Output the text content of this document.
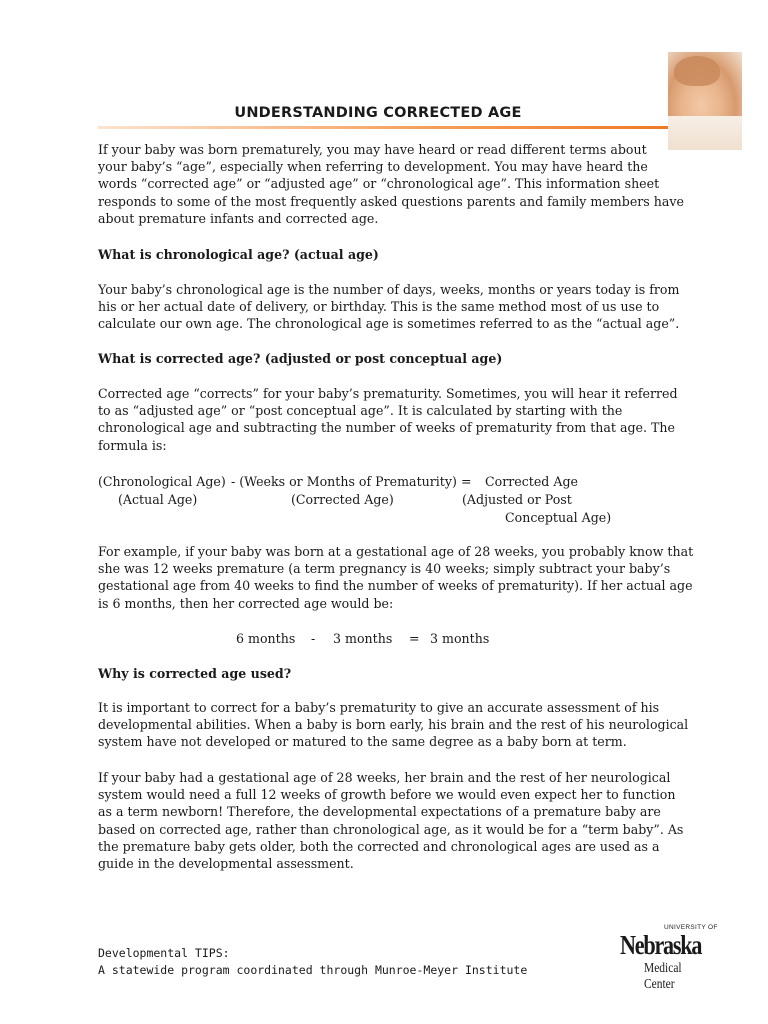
UNDERSTANDING CORRECTED AGE
If your baby was born prematurely, you may have heard or read different terms about
your baby’s “age”, especially when referring to development. You may have heard the
words “corrected age” or “adjusted age” or “chronological age”. This information sheet
responds to some of the most frequently asked questions parents and family members have
about premature infants and corrected age.
What is chronological age? (actual age)
Your baby’s chronological age is the number of days, weeks, months or years today is from
his or her actual date of delivery, or birthday. This is the same method most of us use to
calculate our own age. The chronological age is sometimes referred to as the “actual age”.
What is corrected age? (adjusted or post conceptual age)
Corrected age “corrects” for your baby’s prematurity. Sometimes, you will hear it referred
to as “adjusted age” or “post conceptual age”. It is calculated by starting with the
chronological age and subtracting the number of weeks of prematurity from that age. The
formula is:
(Chronological Age) - (Weeks or Months of Prematurity) = Corrected Age
(Actual Age)	(Corrected Age)	(Adjusted or Post
Conceptual Age)
For example, if your baby was born at a gestational age of 28 weeks, you probably know that
she was 12 weeks premature (a term pregnancy is 40 weeks; simply subtract your baby’s
gestational age from 40 weeks to find the number of weeks of prematurity). If her actual age
is 6 months, then her corrected age would be:
6 months - 3 months = 3 months
Why is corrected age used?
It is important to correct for a baby’s prematurity to give an accurate assessment of his
developmental abilities. When a baby is born early, his brain and the rest of his neurological
system have not developed or matured to the same degree as a baby born at term.
If your baby had a gestational age of 28 weeks, her brain and the rest of her neurological
system would need a full 12 weeks of growth before we would even expect her to function
as a term newborn! Therefore, the developmental expectations of a premature baby are
based on corrected age, rather than chronological age, as it would be for a “term baby”. As
the premature baby gets older, both the corrected and chronological ages are used as a
guide in the developmental assessment.
Developmental TIPS:
A statewide program coordinated through Munroe-Meyer Institute
UNIVERSITY OF
Nebraska
Medical Center
